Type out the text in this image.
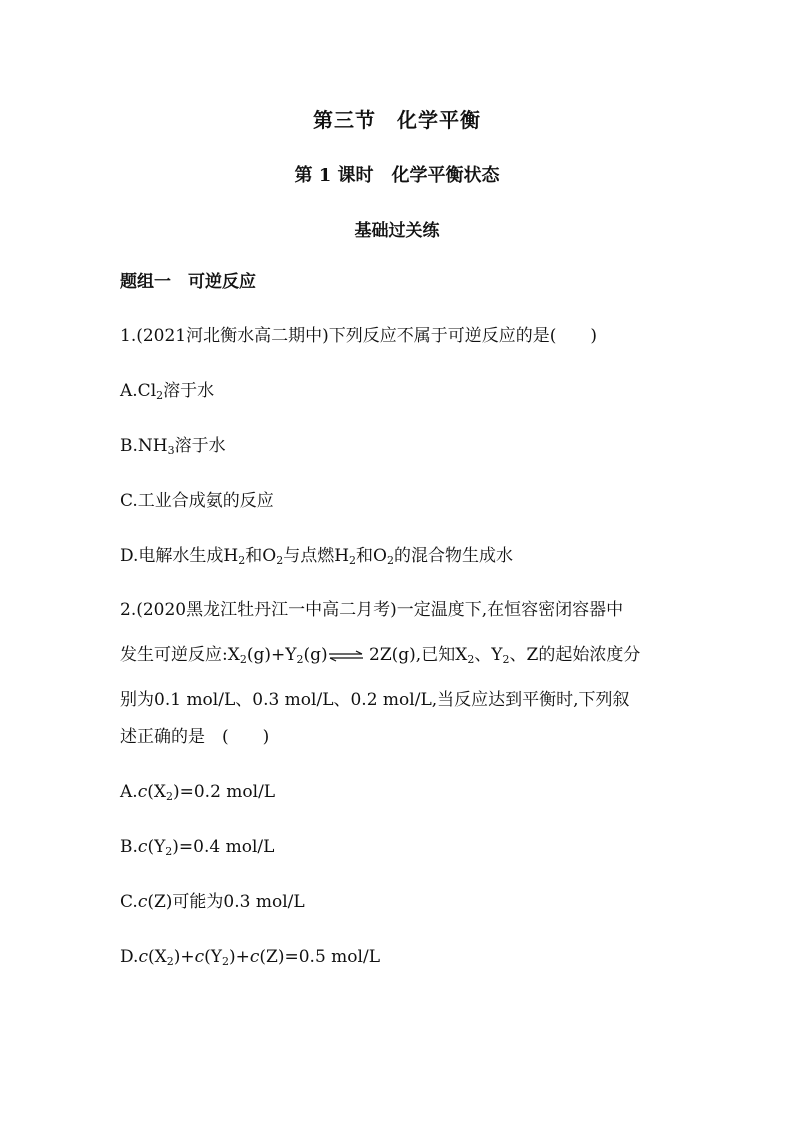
第三节　化学平衡
第 1 课时　化学平衡状态
基础过关练
题组一　可逆反应
1.(2021河北衡水高二期中)下列反应不属于可逆反应的是(　　)
$A.Cl_2$溶于水
$B.NH_3$溶于水
C.工业合成氨的反应
D.电解水生成$H_2$和$O_2$与点燃$H_2$和$O_2$的混合物生成水
2.(2020黑龙江牡丹江一中高二月考)一定温度下,在恒容密闭容器中
发生可逆反应$:X_2(g)+Y_2(g)\rightleftharpoons$ 2Z(g),已知$X_2$、$Y_2$、Z的起始浓度分
别为0.1 mol/L、0.3 mol/L、0.2 mol/L,当反应达到平衡时,下列叙
述正确的是　(　　)
$A.c(X_2)=0.2$ mol/L
$B.c(Y_2)=0.4$ mol/L
C.c(Z)可能为0.3 mol/L
$D.c(X_2)+c(Y_2)+c(Z)=0.5$ mol/L
